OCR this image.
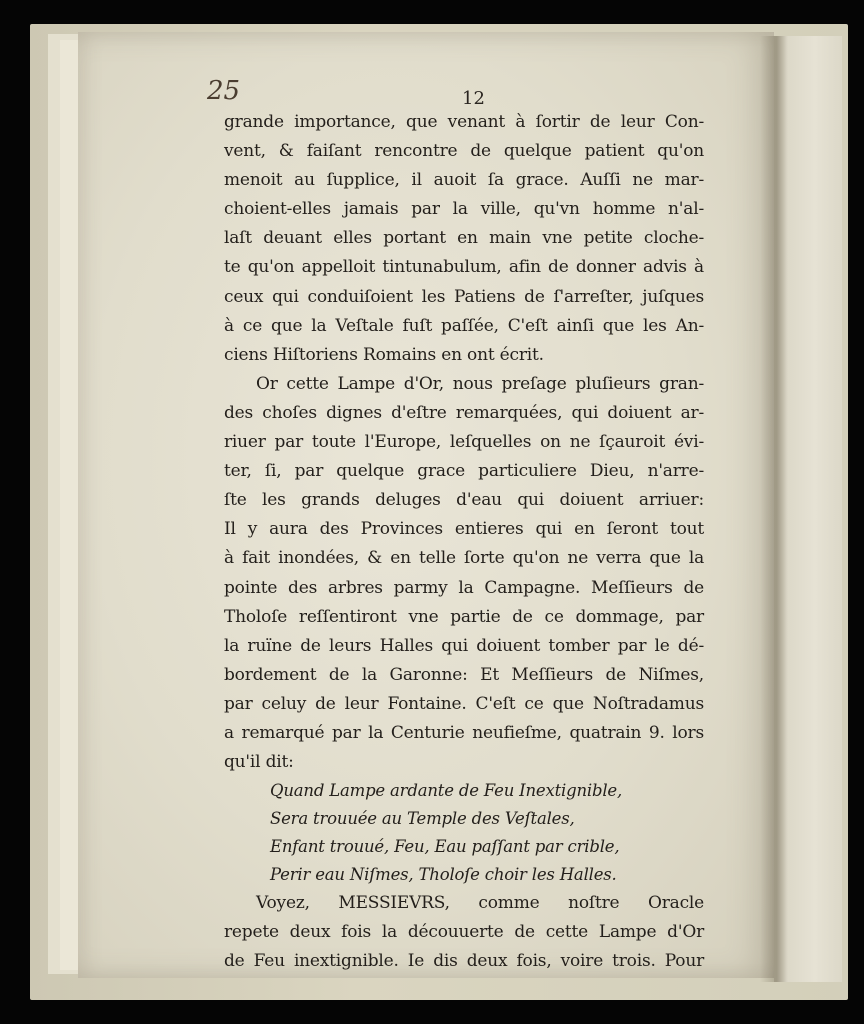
25	12
grande importance, que venant à ſortir de leur Con-
vent, & faiſant rencontre de quelque patient qu'on
menoit au ſupplice, il auoit ſa grace. Auſſi ne mar-
choient-elles jamais par la ville, qu'vn homme n'al-
laſt deuant elles portant en main vne petite cloche-
te qu'on appelloit tintunabulum, afin de donner advis à
ceux qui conduiſoient les Patiens de ſ'arreſter, juſques
à ce que la Veſtale fuſt paſſée, C'eſt ainſi que les An-
ciens Hiſtoriens Romains en ont écrit.
Or cette Lampe d'Or, nous preſage pluſieurs gran-
des choſes dignes d'eſtre remarquées, qui doiuent ar-
riuer par toute l'Europe, leſquelles on ne ſçauroit évi-
ter, ſi, par quelque grace particuliere Dieu, n'arre-
ſte les grands deluges d'eau qui doiuent arriuer:
Il y aura des Provinces entieres qui en ſeront tout
à fait inondées, & en telle ſorte qu'on ne verra que la
pointe des arbres parmy la Campagne. Meſſieurs de
Tholoſe reſſentiront vne partie de ce dommage, par
la ruïne de leurs Halles qui doiuent tomber par le dé-
bordement de la Garonne: Et Meſſieurs de Niſmes,
par celuy de leur Fontaine. C'eſt ce que Noſtradamus
a remarqué par la Centurie neufieſme, quatrain 9. lors
qu'il dit:
Quand Lampe ardante de Feu Inextignible,
Sera trouuée au Temple des Veſtales,
Enfant trouué, Feu, Eau paſſant par crible,
Perir eau Niſmes, Tholoſe choir les Halles.
Voyez, MESSIEVRS, comme noſtre Oracle
repete deux fois la découuerte de cette Lampe d'Or
de Feu inextignible. Ie dis deux fois, voire trois. Pour
